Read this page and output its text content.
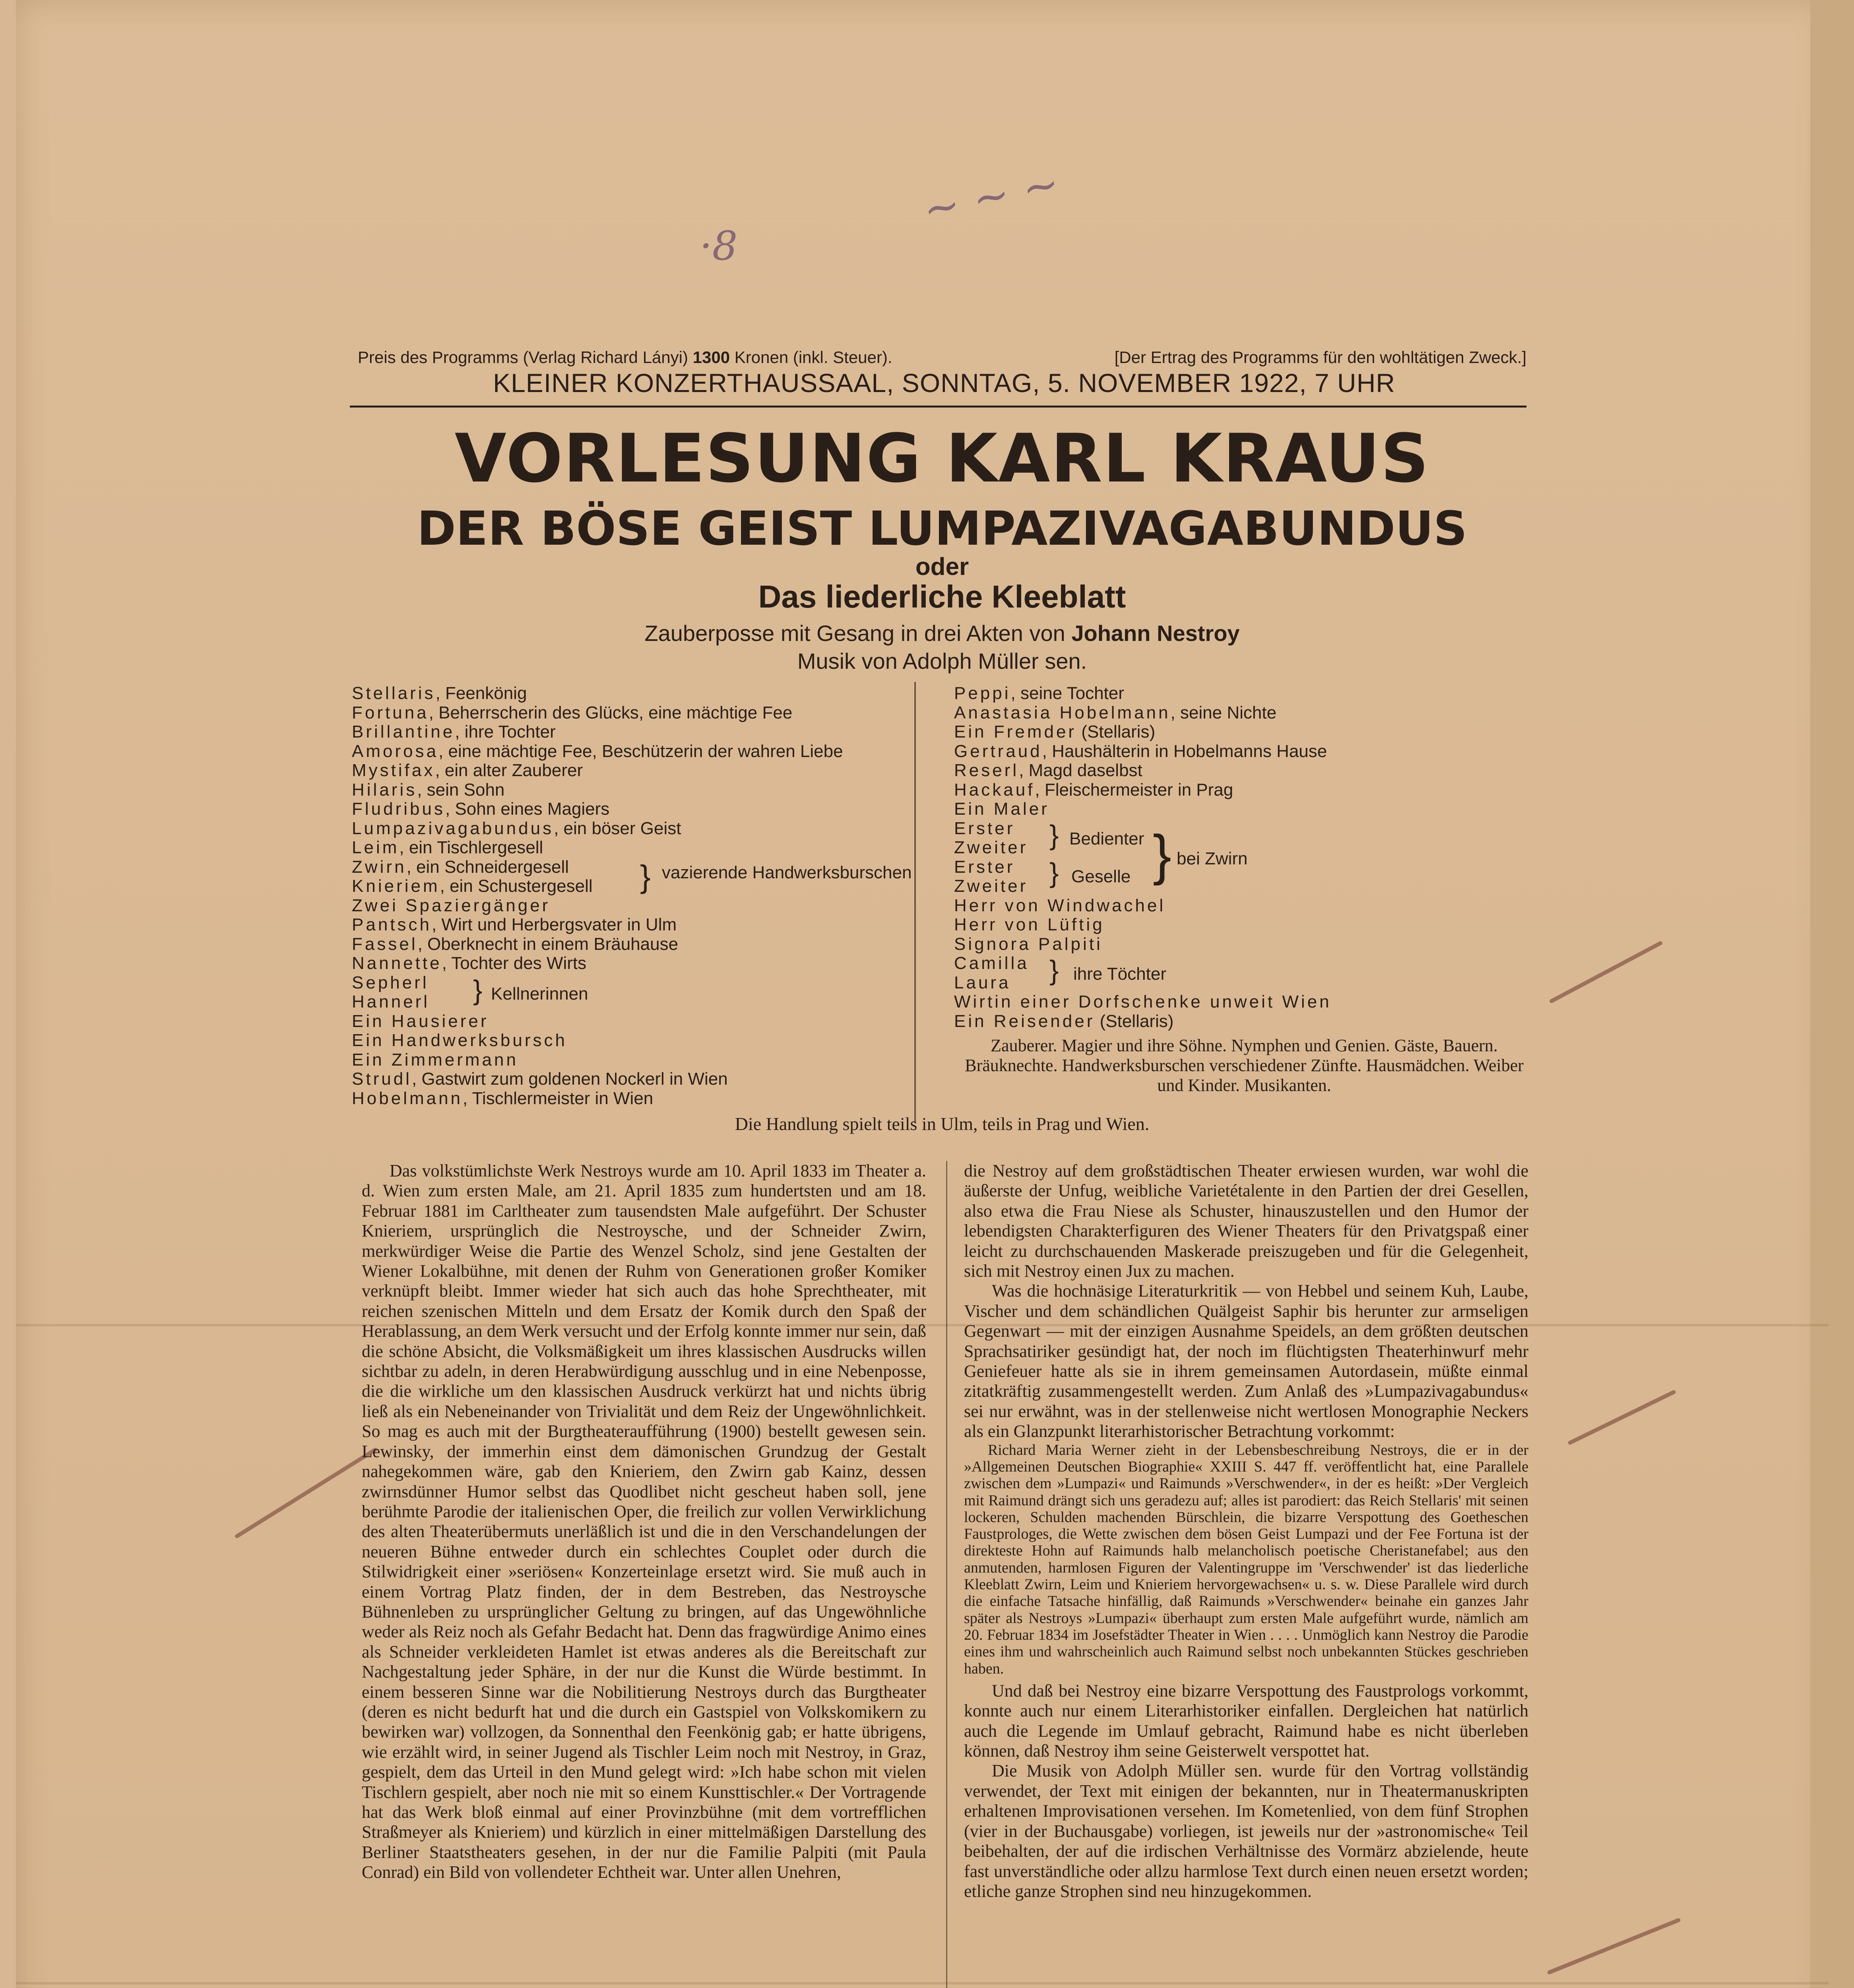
~ ~ ~
·8
Preis des Programms (Verlag Richard Lányi) 1300 Kronen (inkl. Steuer).	[Der Ertrag des Programms für den wohltätigen Zweck.]
KLEINER KONZERTHAUSSAAL, SONNTAG, 5. NOVEMBER 1922, 7 UHR
VORLESUNG KARL KRAUS
DER BÖSE GEIST LUMPAZIVAGABUNDUS
oder
Das liederliche Kleeblatt
Zauberposse mit Gesang in drei Akten von Johann Nestroy
Musik von Adolph Müller sen.
Stellaris, Feenkönig
Fortuna, Beherrscherin des Glücks, eine mächtige Fee
Brillantine, ihre Tochter
Amorosa, eine mächtige Fee, Beschützerin der wahren Liebe
Mystifax, ein alter Zauberer
Hilaris, sein Sohn
Fludribus, Sohn eines Magiers
Lumpazivagabundus, ein böser Geist
Leim, ein Tischlergesell
Zwirn, ein Schneidergesell
Knieriem, ein Schustergesell
Zwei Spaziergänger
Pantsch, Wirt und Herbergsvater in Ulm
Fassel, Oberknecht in einem Bräuhause
Nannette, Tochter des Wirts
Sepherl
Hannerl
Ein Hausierer
Ein Handwerksbursch
Ein Zimmermann
Strudl, Gastwirt zum goldenen Nockerl in Wien
Hobelmann, Tischlermeister in Wien
} vazierende Handwerksburschen
} Kellnerinnen
Peppi, seine Tochter
Anastasia Hobelmann, seine Nichte
Ein Fremder (Stellaris)
Gertraud, Haushälterin in Hobelmanns Hause
Reserl, Magd daselbst
Hackauf, Fleischermeister in Prag
Ein Maler
Erster
Zweiter
Erster
Zweiter
Herr von Windwachel
Herr von Lüftig
Signora Palpiti
Camilla
Laura
Wirtin einer Dorfschenke unweit Wien
Ein Reisender (Stellaris)
} Bedienter
} Geselle } bei Zwirn
} ihre Töchter
Zauberer. Magier und ihre Söhne. Nymphen und Genien. Gäste, Bauern. Bräuknechte. Handwerksburschen verschiedener Zünfte. Hausmädchen. Weiber und Kinder. Musikanten.
Die Handlung spielt teils in Ulm, teils in Prag und Wien.

Das volkstümlichste Werk Nestroys wurde am 10. April 1833 im Theater a. d. Wien zum ersten Male, am 21. April 1835 zum hundertsten und am 18. Februar 1881 im Carltheater zum tausendsten Male aufgeführt. Der Schuster Knieriem, ursprünglich die Nestroysche, und der Schneider Zwirn, merkwürdiger Weise die Partie des Wenzel Scholz, sind jene Gestalten der Wiener Lokalbühne, mit denen der Ruhm von Generationen großer Komiker verknüpft bleibt. Immer wieder hat sich auch das hohe Sprechtheater, mit reichen szenischen Mitteln und dem Ersatz der Komik durch den Spaß der Herablassung, an dem Werk versucht und der Erfolg konnte immer nur sein, daß die schöne Absicht, die Volksmäßigkeit um ihres klassischen Ausdrucks willen sichtbar zu adeln, in deren Herabwürdigung ausschlug und in eine Nebenposse, die die wirkliche um den klassischen Ausdruck verkürzt hat und nichts übrig ließ als ein Nebeneinander von Trivialität und dem Reiz der Ungewöhnlichkeit. So mag es auch mit der Burgtheateraufführung (1900) bestellt gewesen sein. Lewinsky, der immerhin einst dem dämonischen Grundzug der Gestalt nahegekommen wäre, gab den Knieriem, den Zwirn gab Kainz, dessen zwirnsdünner Humor selbst das Quodlibet nicht gescheut haben soll, jene berühmte Parodie der italienischen Oper, die freilich zur vollen Verwirklichung des alten Theaterübermuts unerläßlich ist und die in den Verschandelungen der neueren Bühne entweder durch ein schlechtes Couplet oder durch die Stilwidrigkeit einer »seriösen« Konzerteinlage ersetzt wird. Sie muß auch in einem Vortrag Platz finden, der in dem Bestreben, das Nestroysche Bühnenleben zu ursprünglicher Geltung zu bringen, auf das Ungewöhnliche weder als Reiz noch als Gefahr Bedacht hat. Denn das fragwürdige Animo eines als Schneider verkleideten Hamlet ist etwas anderes als die Bereitschaft zur Nachgestaltung jeder Sphäre, in der nur die Kunst die Würde bestimmt. In einem besseren Sinne war die Nobilitierung Nestroys durch das Burgtheater (deren es nicht bedurft hat und die durch ein Gastspiel von Volkskomikern zu bewirken war) vollzogen, da Sonnenthal den Feenkönig gab; er hatte übrigens, wie erzählt wird, in seiner Jugend als Tischler Leim noch mit Nestroy, in Graz, gespielt, dem das Urteil in den Mund gelegt wird: »Ich habe schon mit vielen Tischlern gespielt, aber noch nie mit so einem Kunsttischler.« Der Vortragende hat das Werk bloß einmal auf einer Provinzbühne (mit dem vortrefflichen Straßmeyer als Knieriem) und kürzlich in einer mittelmäßigen Darstellung des Berliner Staatstheaters gesehen, in der nur die Familie Palpiti (mit Paula Conrad) ein Bild von vollendeter Echtheit war. Unter allen Unehren,

die Nestroy auf dem großstädtischen Theater erwiesen wurden, war wohl die äußerste der Unfug, weibliche Varietétalente in den Partien der drei Gesellen, also etwa die Frau Niese als Schuster, hinauszustellen und den Humor der lebendigsten Charakterfiguren des Wiener Theaters für den Privatgspaß einer leicht zu durchschauenden Maskerade preiszugeben und für die Gelegenheit, sich mit Nestroy einen Jux zu machen.

Was die hochnäsige Literaturkritik — von Hebbel und seinem Kuh, Laube, Vischer und dem schändlichen Quälgeist Saphir bis herunter zur armseligen Gegenwart — mit der einzigen Ausnahme Speidels, an dem größten deutschen Sprachsatiriker gesündigt hat, der noch im flüchtigsten Theaterhinwurf mehr Geniefeuer hatte als sie in ihrem gemeinsamen Autordasein, müßte einmal zitatkräftig zusammengestellt werden. Zum Anlaß des »Lumpazivagabundus« sei nur erwähnt, was in der stellenweise nicht wertlosen Monographie Neckers als ein Glanzpunkt literarhistorischer Betrachtung vorkommt:

Richard Maria Werner zieht in der Lebensbeschreibung Nestroys, die er in der »Allgemeinen Deutschen Biographie« XXIII S. 447 ff. veröffentlicht hat, eine Parallele zwischen dem »Lumpazi« und Raimunds »Verschwender«, in der es heißt: »Der Vergleich mit Raimund drängt sich uns geradezu auf; alles ist parodiert: das Reich Stellaris' mit seinen lockeren, Schulden machenden Bürschlein, die bizarre Verspottung des Goetheschen Faustprologes, die Wette zwischen dem bösen Geist Lumpazi und der Fee Fortuna ist der direkteste Hohn auf Raimunds halb melancholisch poetische Cheristanefabel; aus den anmutenden, harmlosen Figuren der Valentingruppe im 'Verschwender' ist das liederliche Kleeblatt Zwirn, Leim und Knieriem hervorgewachsen« u. s. w. Diese Parallele wird durch die einfache Tatsache hinfällig, daß Raimunds »Verschwender« beinahe ein ganzes Jahr später als Nestroys »Lumpazi« überhaupt zum ersten Male aufgeführt wurde, nämlich am 20. Februar 1834 im Josefstädter Theater in Wien . . . . Unmöglich kann Nestroy die Parodie eines ihm und wahrscheinlich auch Raimund selbst noch unbekannten Stückes geschrieben haben.

Und daß bei Nestroy eine bizarre Verspottung des Faustprologs vorkommt, konnte auch nur einem Literarhistoriker einfallen. Dergleichen hat natürlich auch die Legende im Umlauf gebracht, Raimund habe es nicht überleben können, daß Nestroy ihm seine Geisterwelt verspottet hat.

Die Musik von Adolph Müller sen. wurde für den Vortrag vollständig verwendet, der Text mit einigen der bekannten, nur in Theatermanuskripten erhaltenen Improvisationen versehen. Im Kometenlied, von dem fünf Strophen (vier in der Buchausgabe) vorliegen, ist jeweils nur der »astronomische« Teil beibehalten, der auf die irdischen Verhältnisse des Vormärz abzielende, heute fast unverständliche oder allzu harmlose Text durch einen neuen ersetzt worden; etliche ganze Strophen sind neu hinzugekommen.
